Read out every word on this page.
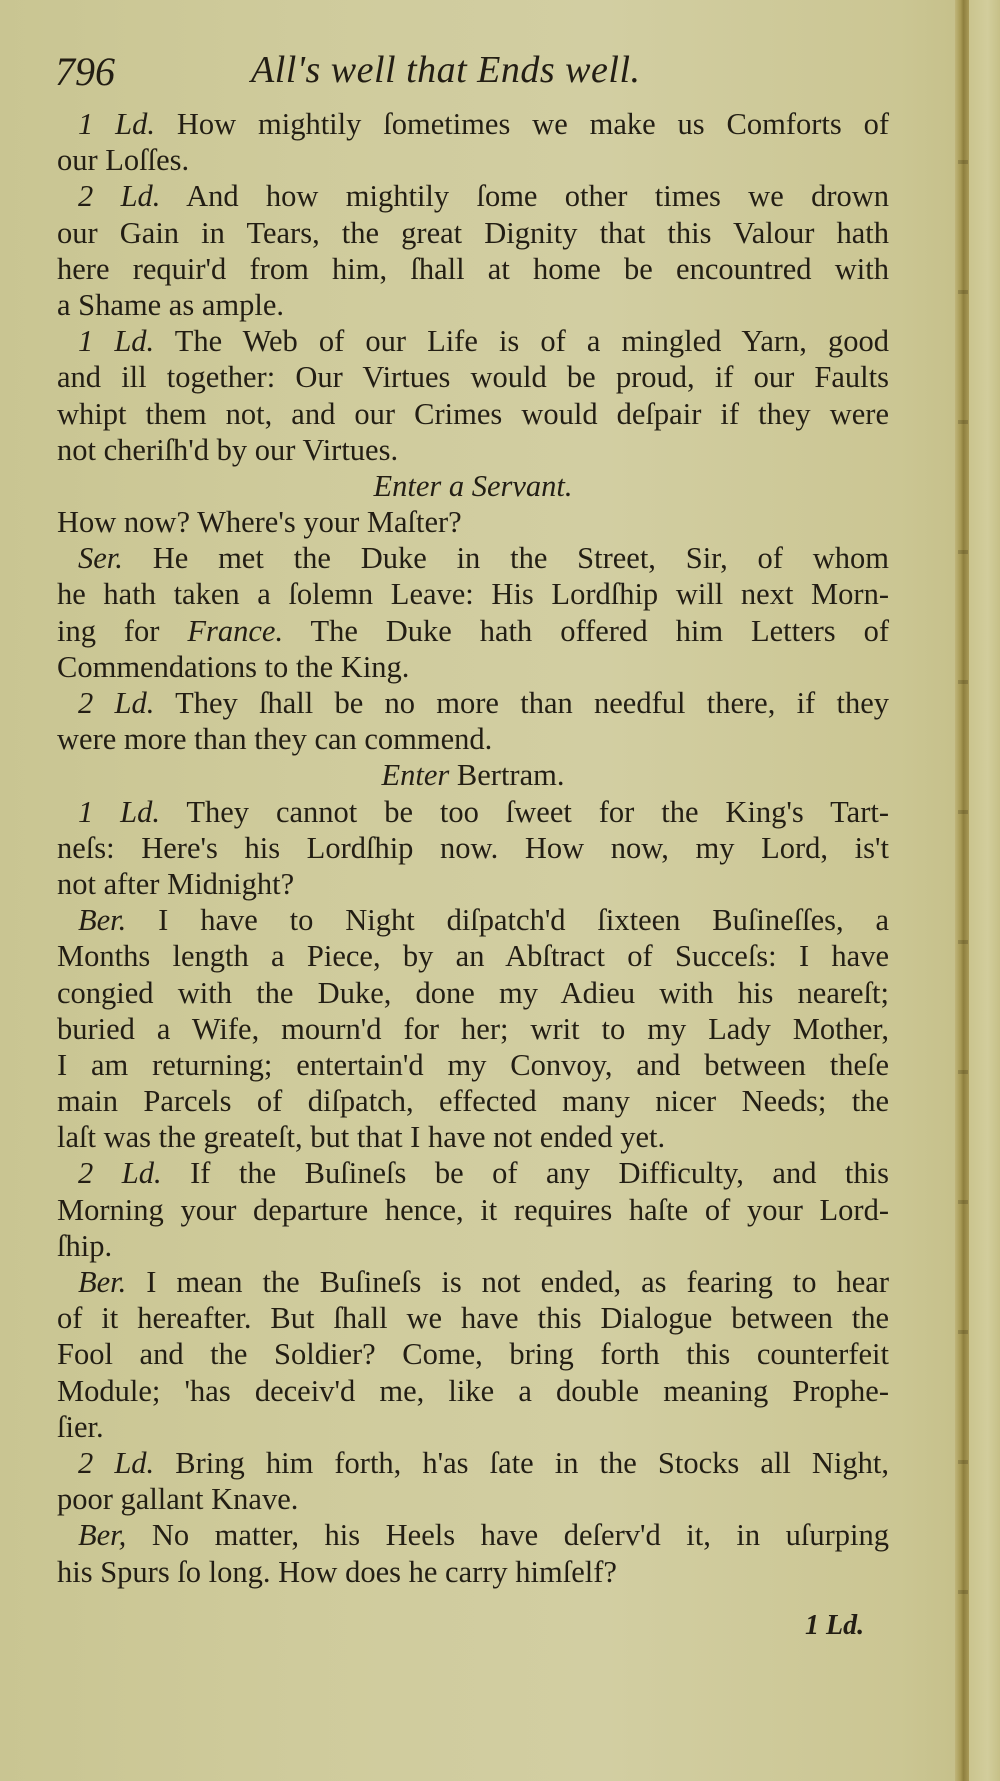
796	All's well that Ends well.
1 Ld. How mightily ſometimes we make us Comforts of
our Loſſes.
2 Ld. And how mightily ſome other times we drown
our Gain in Tears, the great Dignity that this Valour hath
here requir'd from him, ſhall at home be encountred with
a Shame as ample.
1 Ld. The Web of our Life is of a mingled Yarn, good
and ill together: Our Virtues would be proud, if our Faults
whipt them not, and our Crimes would deſpair if they were
not cheriſh'd by our Virtues.
Enter a Servant.
How now? Where's your Maſter?
Ser. He met the Duke in the Street, Sir, of whom
he hath taken a ſolemn Leave: His Lordſhip will next Morn-
ing for France. The Duke hath offered him Letters of
Commendations to the King.
2 Ld. They ſhall be no more than needful there, if they
were more than they can commend.
Enter Bertram.
1 Ld. They cannot be too ſweet for the King's Tart-
neſs: Here's his Lordſhip now. How now, my Lord, is't
not after Midnight?
Ber. I have to Night diſpatch'd ſixteen Buſineſſes, a
Months length a Piece, by an Abſtract of Succeſs: I have
congied with the Duke, done my Adieu with his neareſt;
buried a Wife, mourn'd for her; writ to my Lady Mother,
I am returning; entertain'd my Convoy, and between theſe
main Parcels of diſpatch, effected many nicer Needs; the
laſt was the greateſt, but that I have not ended yet.
2 Ld. If the Buſineſs be of any Difficulty, and this
Morning your departure hence, it requires haſte of your Lord-
ſhip.
Ber. I mean the Buſineſs is not ended, as fearing to hear
of it hereafter. But ſhall we have this Dialogue between the
Fool and the Soldier? Come, bring forth this counterfeit
Module; 'has deceiv'd me, like a double meaning Prophe-
ſier.
2 Ld. Bring him forth, h'as ſate in the Stocks all Night,
poor gallant Knave.
Ber, No matter, his Heels have deſerv'd it, in uſurping
his Spurs ſo long. How does he carry himſelf?
1 Ld.
